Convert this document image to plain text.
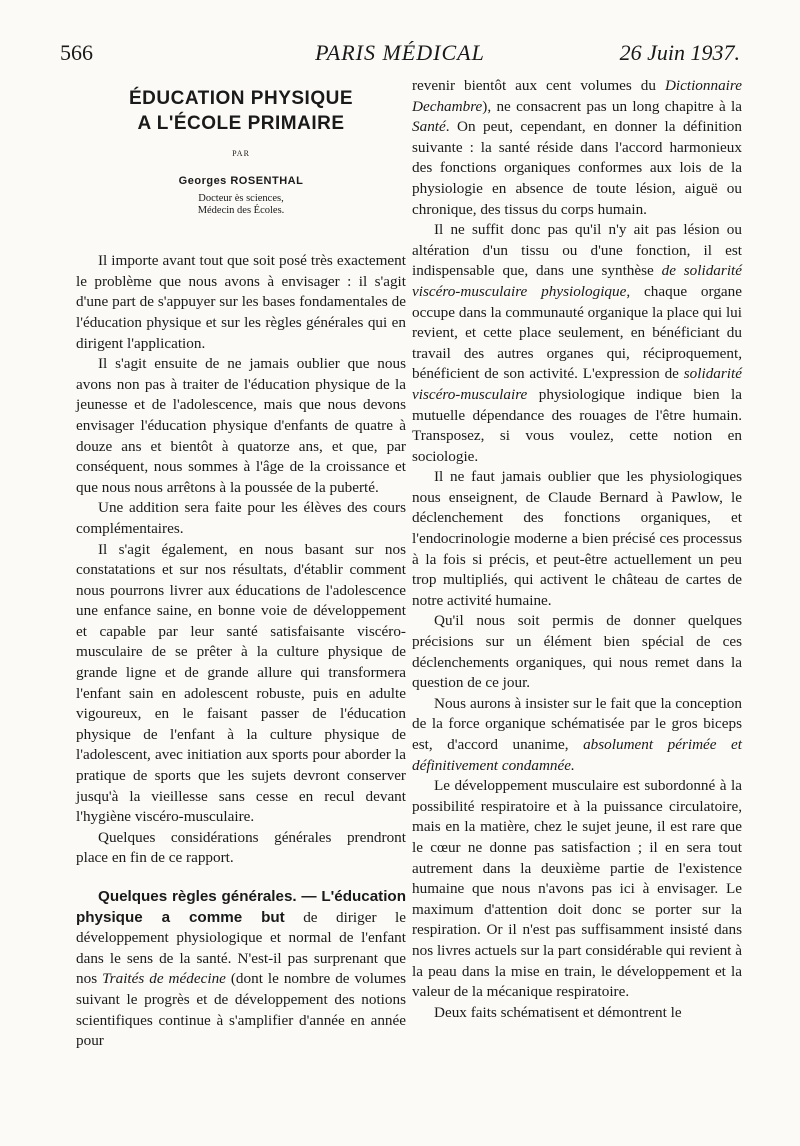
566	PARIS MÉDICAL	26 Juin 1937.
ÉDUCATION PHYSIQUE
A L'ÉCOLE PRIMAIRE
PAR
Georges ROSENTHAL
Docteur ès sciences,
Médecin des Écoles.

Il importe avant tout que soit posé très exactement le problème que nous avons à envisager : il s'agit d'une part de s'appuyer sur les bases fondamentales de l'éducation physique et sur les règles générales qui en dirigent l'application.

Il s'agit ensuite de ne jamais oublier que nous avons non pas à traiter de l'éducation physique de la jeunesse et de l'adolescence, mais que nous devons envisager l'éducation physique d'enfants de quatre à douze ans et bientôt à quatorze ans, et que, par conséquent, nous sommes à l'âge de la croissance et que nous nous arrêtons à la poussée de la puberté.

Une addition sera faite pour les élèves des cours complémentaires.

Il s'agit également, en nous basant sur nos constatations et sur nos résultats, d'établir comment nous pourrons livrer aux éducations de l'adolescence une enfance saine, en bonne voie de développement et capable par leur santé satisfaisante viscéro-musculaire de se prêter à la culture physique de grande ligne et de grande allure qui transformera l'enfant sain en adolescent robuste, puis en adulte vigoureux, en le faisant passer de l'éducation physique de l'enfant à la culture physique de l'adolescent, avec initiation aux sports pour aborder la pratique de sports que les sujets devront conserver jusqu'à la vieillesse sans cesse en recul devant l'hygiène viscéro-musculaire.

Quelques considérations générales prendront place en fin de ce rapport.

Quelques règles générales. — L'éducation physique a comme but de diriger le développement physiologique et normal de l'enfant dans le sens de la santé. N'est-il pas surprenant que nos Traités de médecine (dont le nombre de volumes suivant le progrès et de développement des notions scientifiques continue à s'amplifier d'année en année pour

revenir bientôt aux cent volumes du Dictionnaire Dechambre), ne consacrent pas un long chapitre à la Santé. On peut, cependant, en donner la définition suivante : la santé réside dans l'accord harmonieux des fonctions organiques conformes aux lois de la physiologie en absence de toute lésion, aiguë ou chronique, des tissus du corps humain.

Il ne suffit donc pas qu'il n'y ait pas lésion ou altération d'un tissu ou d'une fonction, il est indispensable que, dans une synthèse de solidarité viscéro-musculaire physiologique, chaque organe occupe dans la communauté organique la place qui lui revient, et cette place seulement, en bénéficiant du travail des autres organes qui, réciproquement, bénéficient de son activité. L'expression de solidarité viscéro-musculaire physiologique indique bien la mutuelle dépendance des rouages de l'être humain. Transposez, si vous voulez, cette notion en sociologie.

Il ne faut jamais oublier que les physiologiques nous enseignent, de Claude Bernard à Pawlow, le déclenchement des fonctions organiques, et l'endocrinologie moderne a bien précisé ces processus à la fois si précis, et peut-être actuellement un peu trop multipliés, qui activent le château de cartes de notre activité humaine.

Qu'il nous soit permis de donner quelques précisions sur un élément bien spécial de ces déclenchements organiques, qui nous remet dans la question de ce jour.

Nous aurons à insister sur le fait que la conception de la force organique schématisée par le gros biceps est, d'accord unanime, absolument périmée et définitivement condamnée.

Le développement musculaire est subordonné à la possibilité respiratoire et à la puissance circulatoire, mais en la matière, chez le sujet jeune, il est rare que le cœur ne donne pas satisfaction ; il en sera tout autrement dans la deuxième partie de l'existence humaine que nous n'avons pas ici à envisager. Le maximum d'attention doit donc se porter sur la respiration. Or il n'est pas suffisamment insisté dans nos livres actuels sur la part considérable qui revient à la peau dans la mise en train, le développement et la valeur de la mécanique respiratoire.

Deux faits schématisent et démontrent le
